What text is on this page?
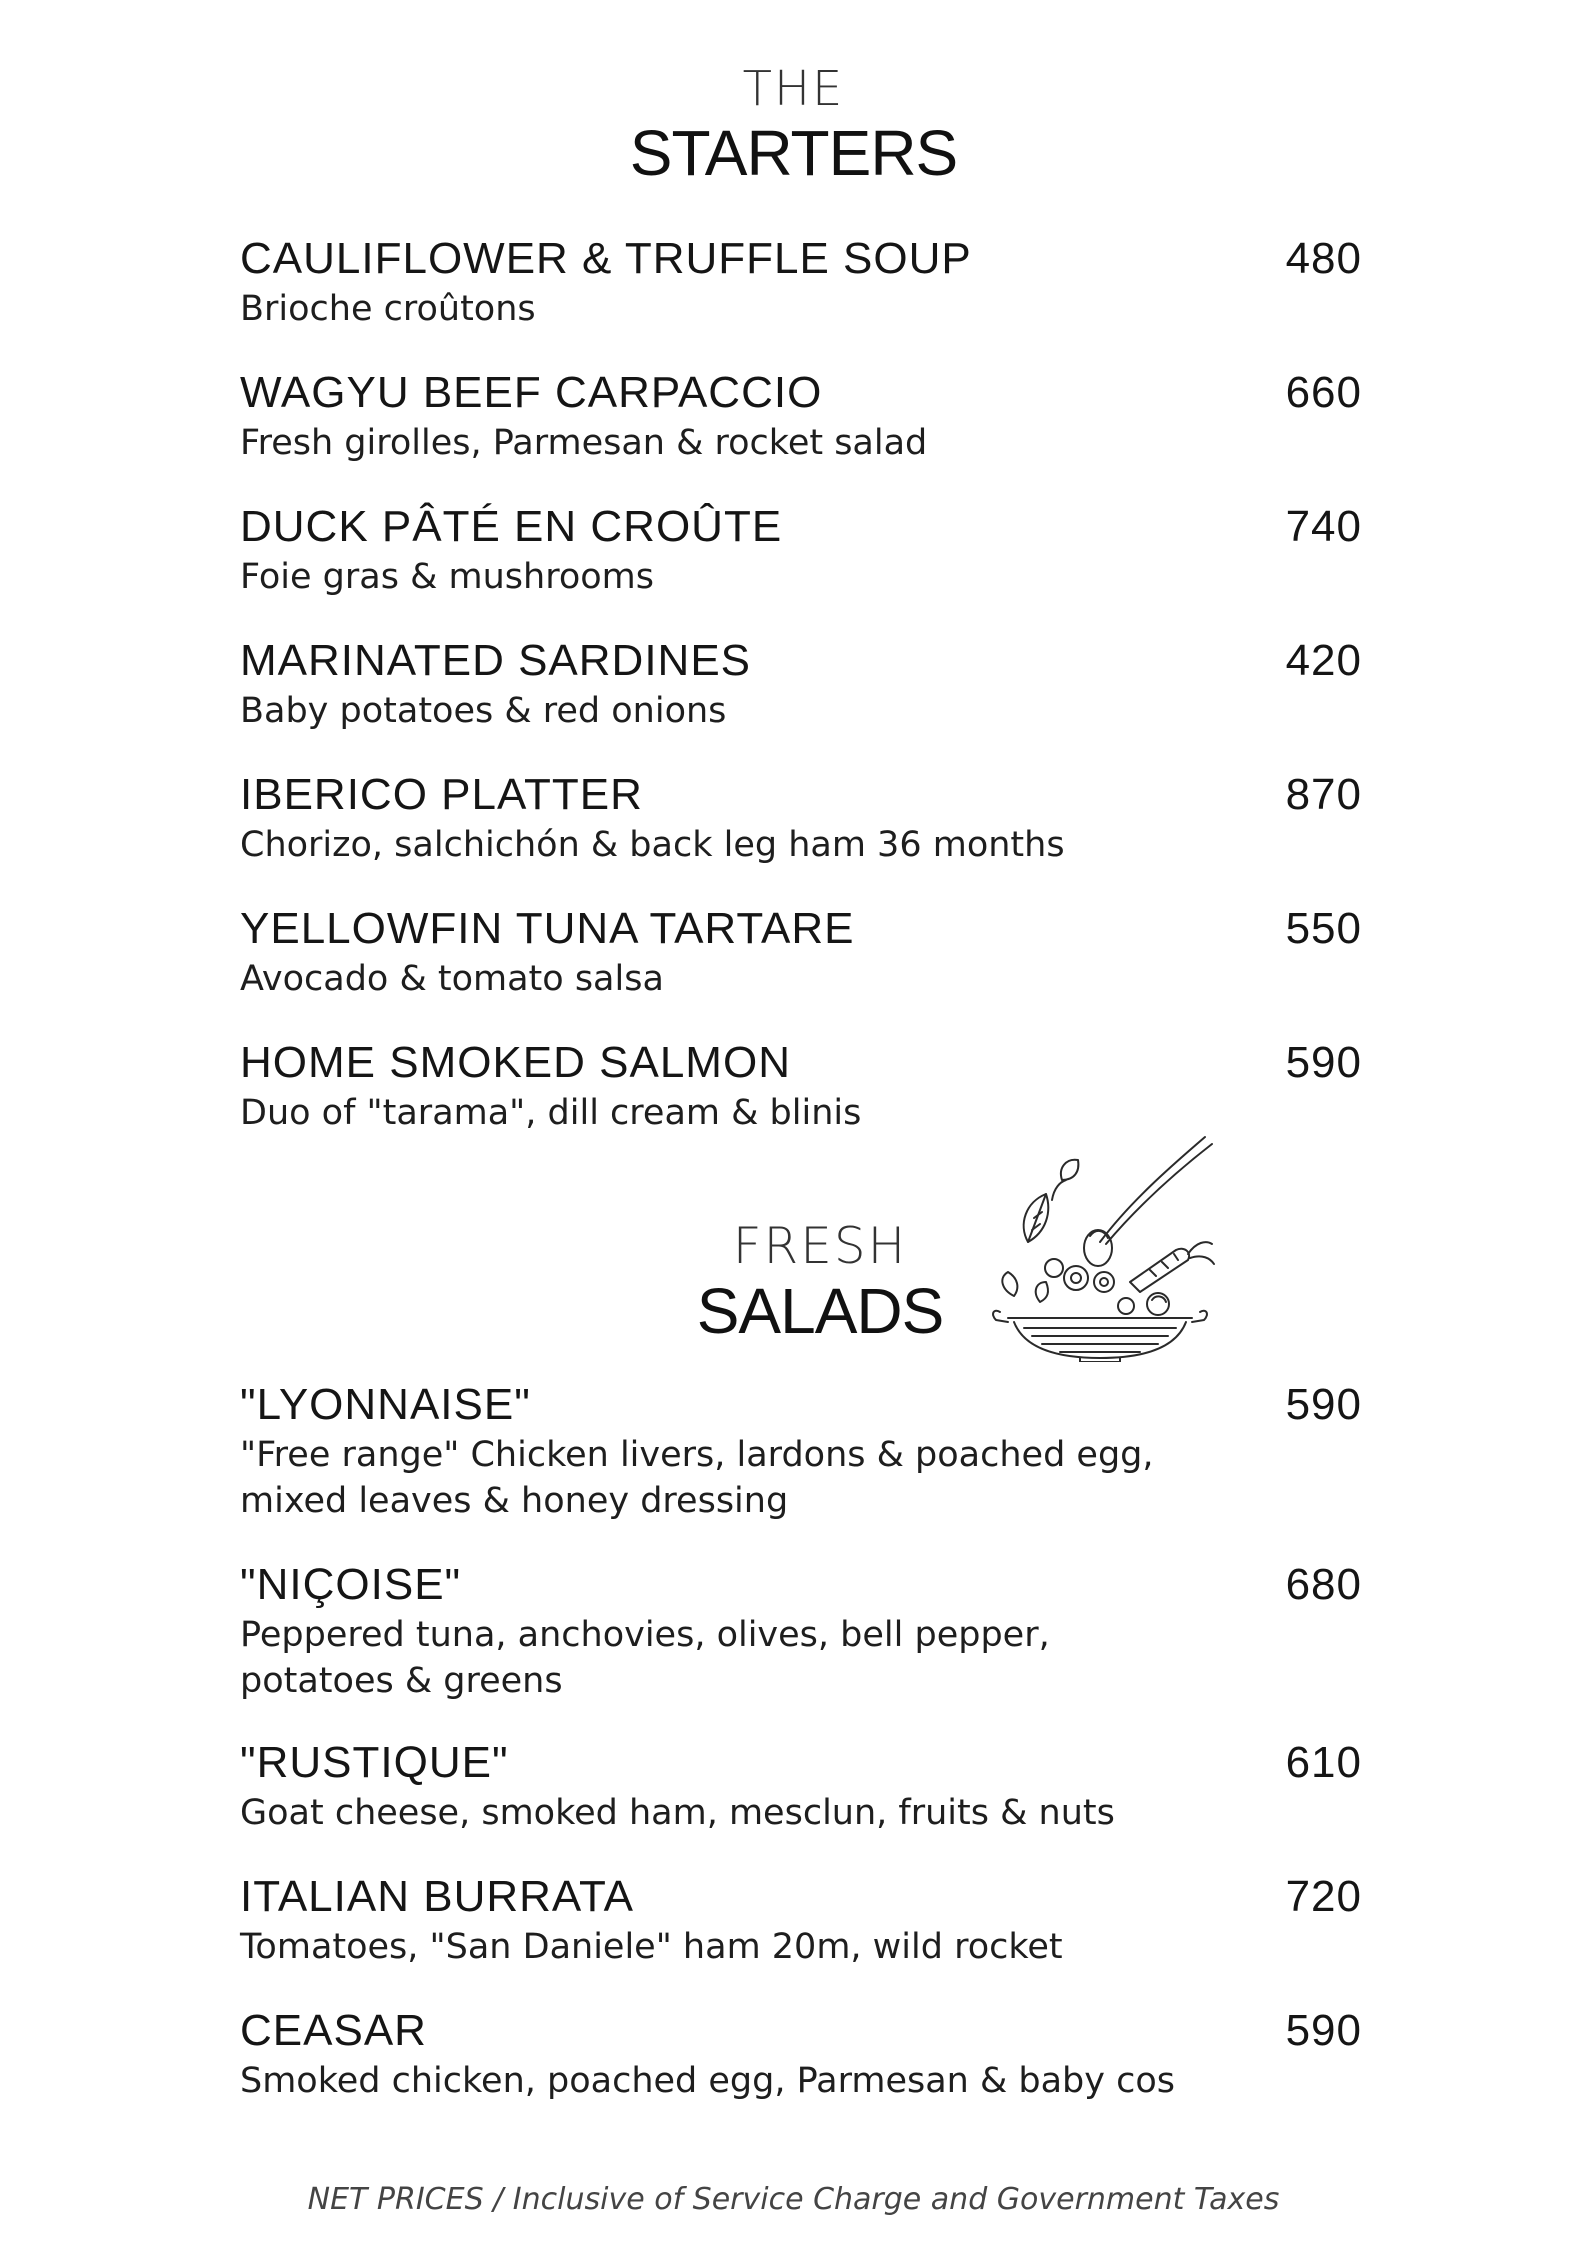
THE
STARTERS
CAULIFLOWER & TRUFFLE SOUP	480
Brioche croûtons
WAGYU BEEF CARPACCIO	660
Fresh girolles, Parmesan & rocket salad
DUCK PÂTÉ EN CROÛTE	740
Foie gras & mushrooms
MARINATED SARDINES	420
Baby potatoes & red onions
IBERICO PLATTER	870
Chorizo, salchichón & back leg ham 36 months
YELLOWFIN TUNA TARTARE	550
Avocado & tomato salsa
HOME SMOKED SALMON	590
Duo of "tarama", dill cream & blinis
FRESH
SALADS
"LYONNAISE"	590
"Free range" Chicken livers, lardons & poached egg, mixed leaves & honey dressing
"NIÇOISE"	680
Peppered tuna, anchovies, olives, bell pepper, potatoes & greens
"RUSTIQUE"	610
Goat cheese, smoked ham, mesclun, fruits & nuts
ITALIAN BURRATA	720
Tomatoes, "San Daniele" ham 20m, wild rocket
CEASAR	590
Smoked chicken, poached egg, Parmesan & baby cos
NET PRICES / Inclusive of Service Charge and Government Taxes
